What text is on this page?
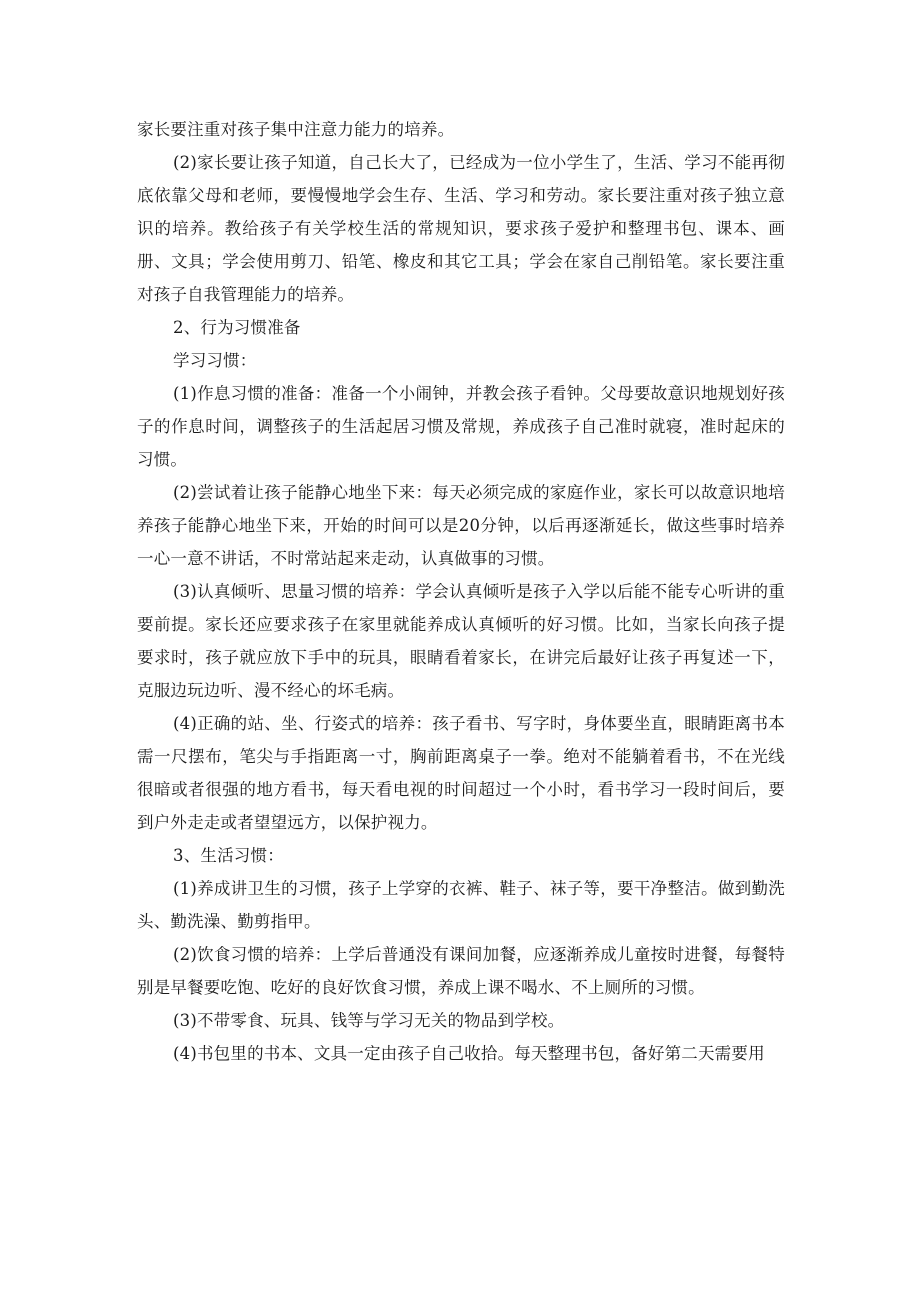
家长要注重对孩子集中注意力能力的培养。

(2)家长要让孩子知道，自己长大了，已经成为一位小学生了，生活、学习不能再彻底依靠父母和老师，要慢慢地学会生存、生活、学习和劳动。家长要注重对孩子独立意识的培养。教给孩子有关学校生活的常规知识，要求孩子爱护和整理书包、课本、画册、文具；学会使用剪刀、铅笔、橡皮和其它工具；学会在家自己削铅笔。家长要注重对孩子自我管理能力的培养。

2、行为习惯准备

学习习惯：

(1)作息习惯的准备：准备一个小闹钟，并教会孩子看钟。父母要故意识地规划好孩子的作息时间，调整孩子的生活起居习惯及常规，养成孩子自己准时就寝，准时起床的习惯。

(2)尝试着让孩子能静心地坐下来：每天必须完成的家庭作业，家长可以故意识地培养孩子能静心地坐下来，开始的时间可以是20分钟，以后再逐渐延长，做这些事时培养一心一意不讲话，不时常站起来走动，认真做事的习惯。

(3)认真倾听、思量习惯的培养：学会认真倾听是孩子入学以后能不能专心听讲的重要前提。家长还应要求孩子在家里就能养成认真倾听的好习惯。比如，当家长向孩子提要求时，孩子就应放下手中的玩具，眼睛看着家长，在讲完后最好让孩子再复述一下，克服边玩边听、漫不经心的坏毛病。

(4)正确的站、坐、行姿式的培养：孩子看书、写字时，身体要坐直，眼睛距离书本需一尺摆布，笔尖与手指距离一寸，胸前距离桌子一拳。绝对不能躺着看书，不在光线很暗或者很强的地方看书，每天看电视的时间超过一个小时，看书学习一段时间后，要到户外走走或者望望远方，以保护视力。

3、生活习惯：

(1)养成讲卫生的习惯，孩子上学穿的衣裤、鞋子、袜子等，要干净整洁。做到勤洗头、勤洗澡、勤剪指甲。

(2)饮食习惯的培养：上学后普通没有课间加餐，应逐渐养成儿童按时进餐，每餐特别是早餐要吃饱、吃好的良好饮食习惯，养成上课不喝水、不上厕所的习惯。

(3)不带零食、玩具、钱等与学习无关的物品到学校。

(4)书包里的书本、文具一定由孩子自己收拾。每天整理书包，备好第二天需要用
